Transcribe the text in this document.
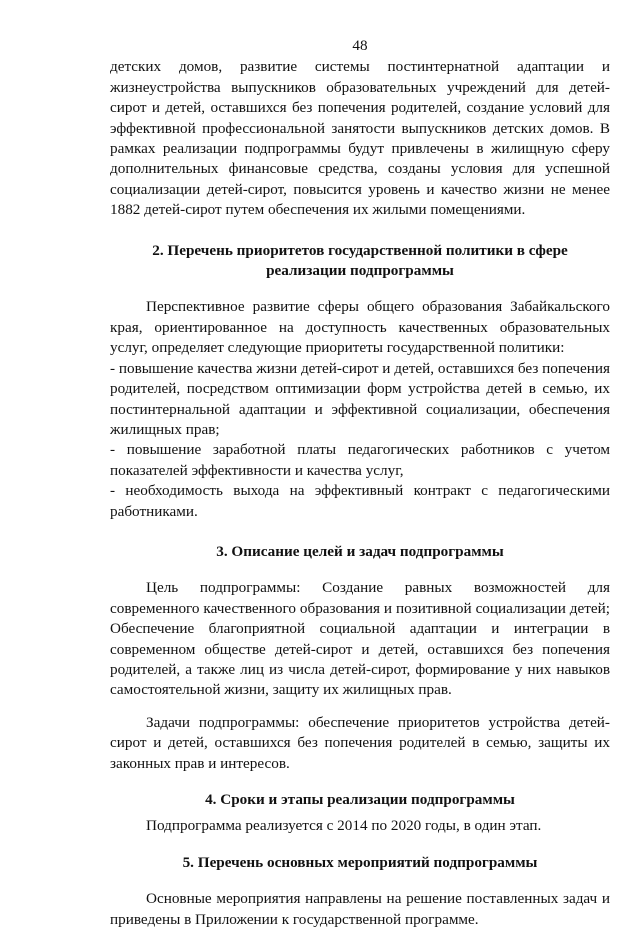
48

детских домов, развитие системы постинтернатной адаптации и жизнеустройства выпускников образовательных учреждений для детей-сирот и детей, оставшихся без попечения родителей, создание условий для эффективной профессиональной занятости выпускников детских домов. В рамках реализации подпрограммы будут привлечены в жилищную сферу дополнительных финансовые средства, созданы условия для успешной социализации детей-сирот, повысится уровень и качество жизни не менее 1882 детей-сирот путем обеспечения их жилыми помещениями.

2. Перечень приоритетов государственной политики в сфере
реализации подпрограммы

Перспективное развитие сферы общего образования Забайкальского края, ориентированное на доступность качественных образовательных услуг, определяет следующие приоритеты государственной политики:

- повышение качества жизни детей-сирот и детей, оставшихся без попечения родителей, посредством оптимизации форм устройства детей в семью, их постинтернальной адаптации и эффективной социализации, обеспечения жилищных прав;

- повышение заработной платы педагогических работников с учетом показателей эффективности и качества услуг,

- необходимость выхода на эффективный контракт с педагогическими работниками.

3. Описание целей и задач подпрограммы

Цель подпрограммы: Создание равных возможностей для современного качественного образования и позитивной социализации детей; Обеспечение благоприятной социальной адаптации и интеграции в современном обществе детей-сирот и детей, оставшихся без попечения родителей, а также лиц из числа детей-сирот, формирование у них навыков самостоятельной жизни, защиту их жилищных прав.

Задачи подпрограммы: обеспечение приоритетов устройства детей-сирот и детей, оставшихся без попечения родителей в семью, защиты их законных прав и интересов.

4. Сроки и этапы реализации подпрограммы

Подпрограмма реализуется с 2014 по 2020 годы, в один этап.

5. Перечень основных мероприятий подпрограммы

Основные мероприятия направлены на решение поставленных задач и приведены в Приложении к государственной программе.
